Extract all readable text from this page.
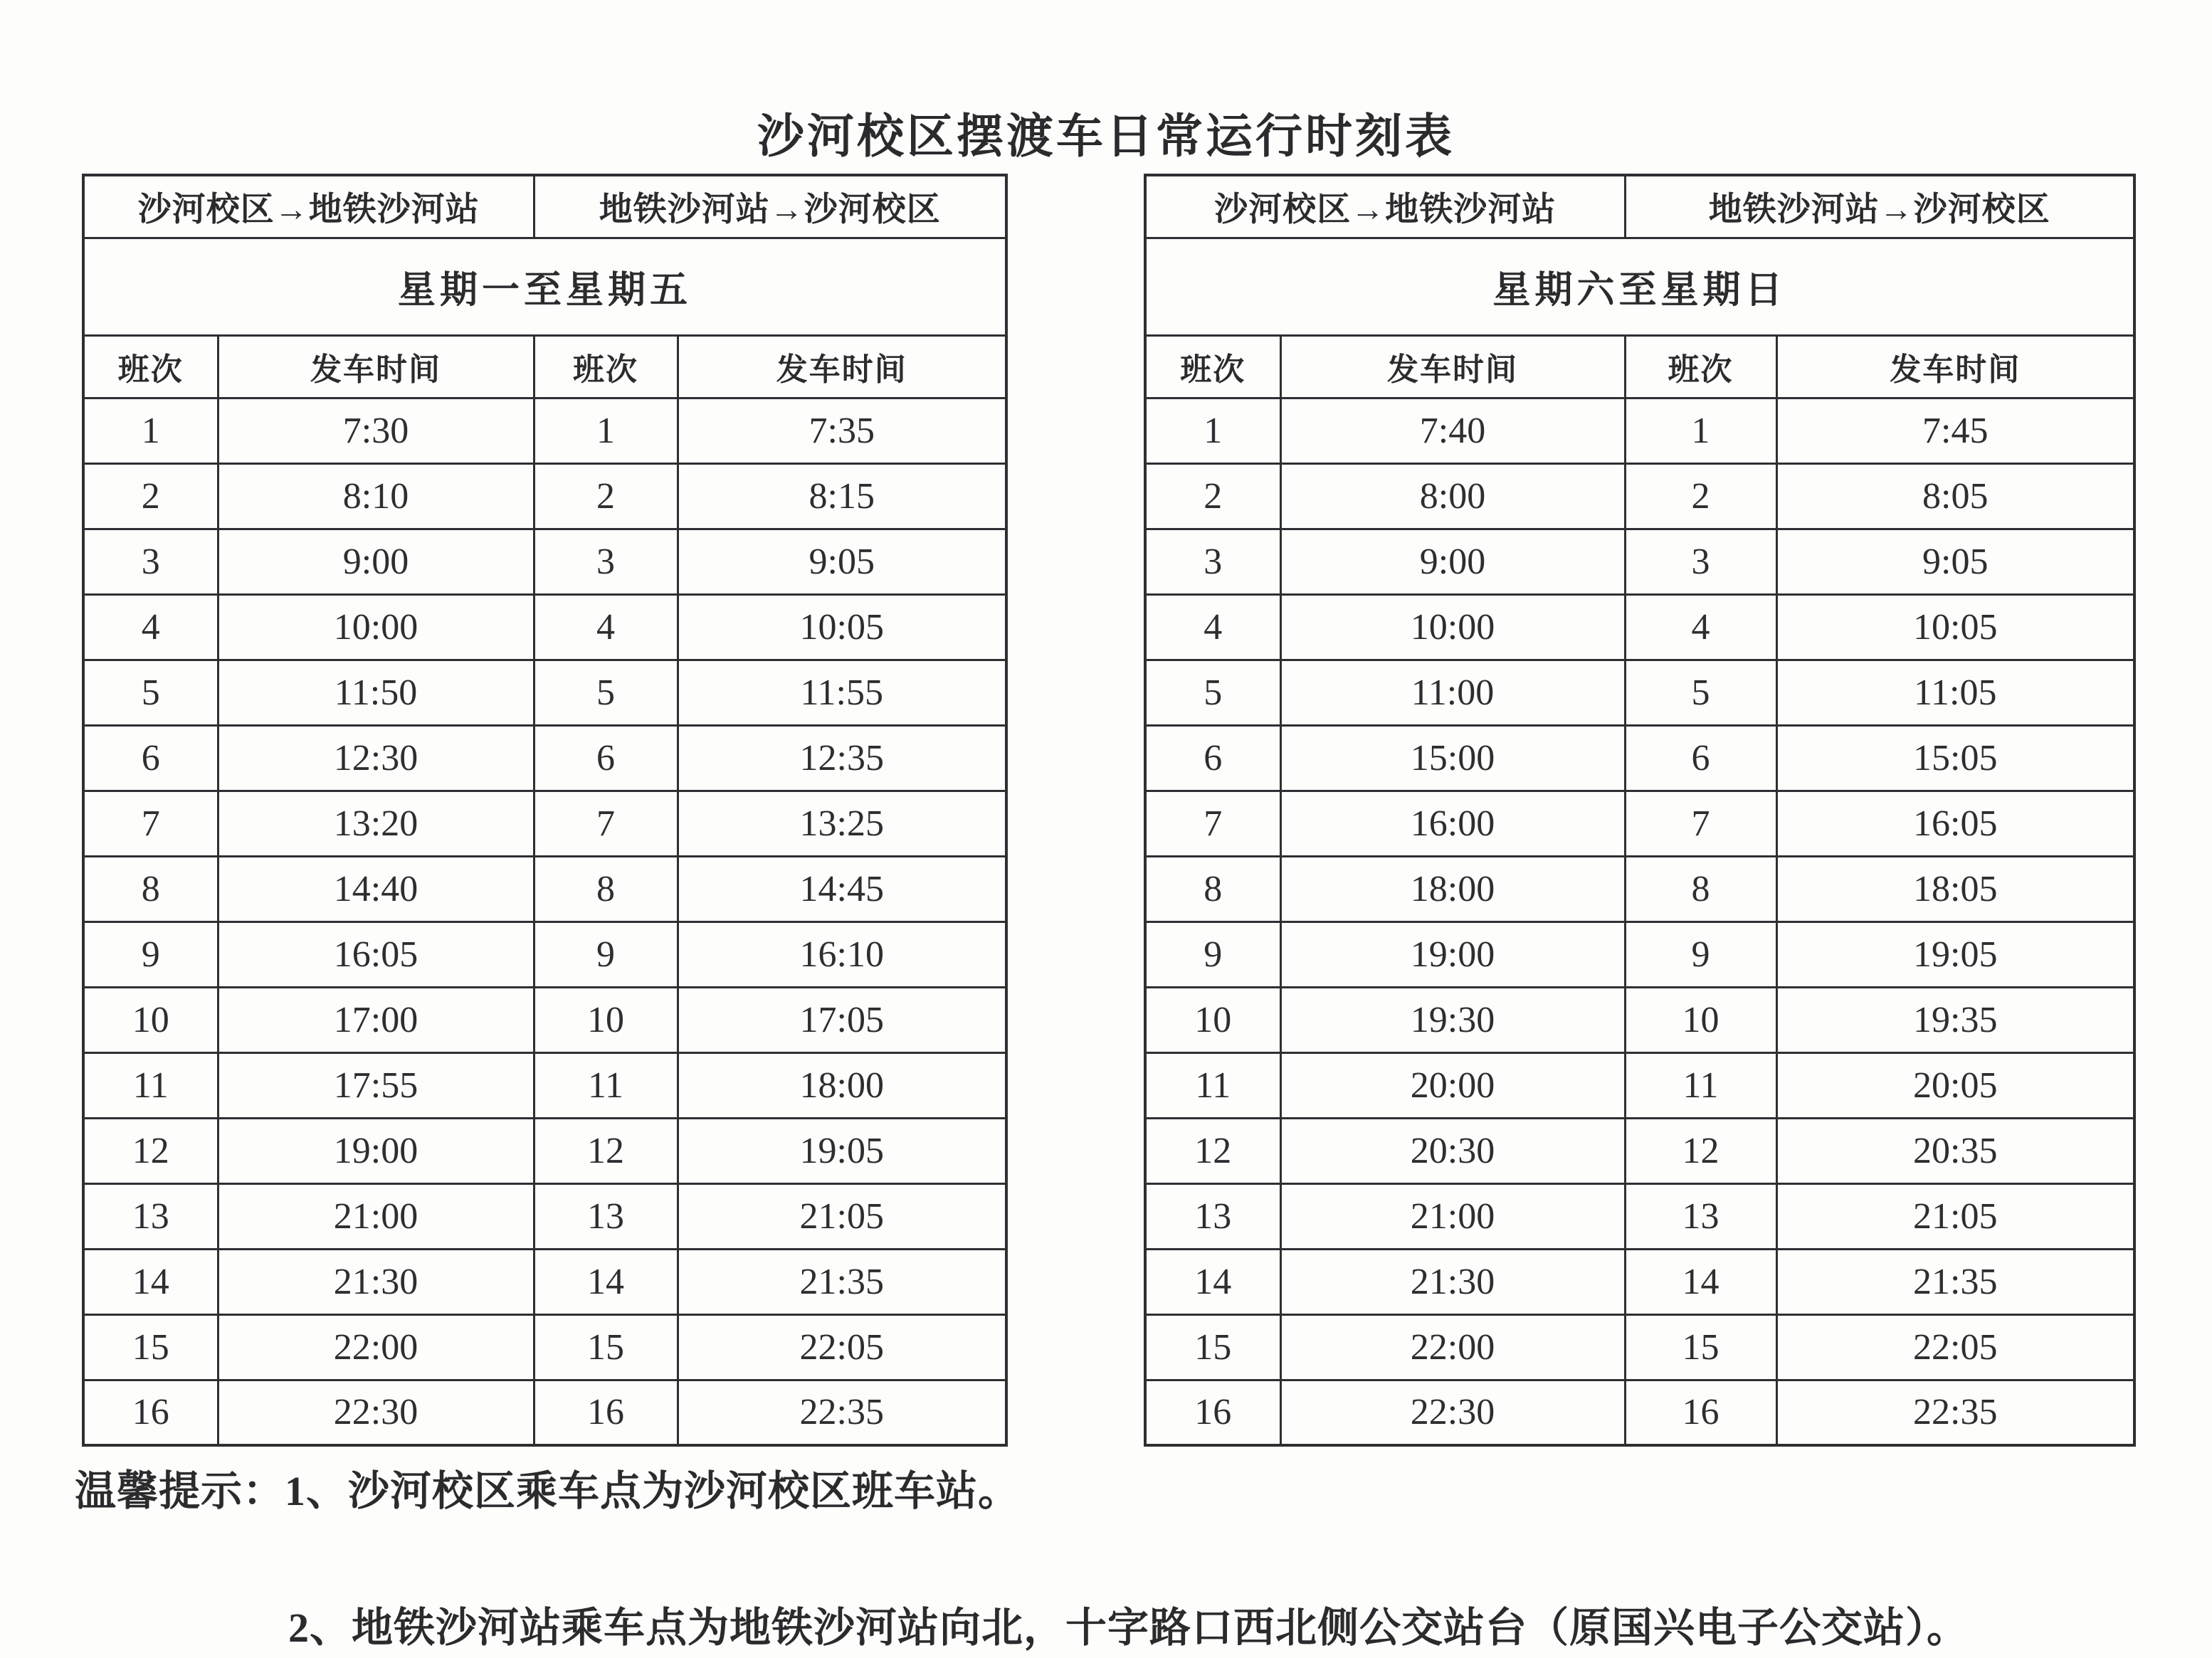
沙河校区摆渡车日常运行时刻表
沙河校区→地铁沙河站		地铁沙河站→沙河校区	
星期一至星期五			
班次	发车时间	班次	发车时间
1	7:30	1	7:35
2	8:10	2	8:15
3	9:00	3	9:05
4	10:00	4	10:05
5	11:50	5	11:55
6	12:30	6	12:35
7	13:20	7	13:25
8	14:40	8	14:45
9	16:05	9	16:10
10	17:00	10	17:05
11	17:55	11	18:00
12	19:00	12	19:05
13	21:00	13	21:05
14	21:30	14	21:35
15	22:00	15	22:05
16	22:30	16	22:35
沙河校区→地铁沙河站		地铁沙河站→沙河校区	
星期六至星期日			
班次	发车时间	班次	发车时间
1	7:40	1	7:45
2	8:00	2	8:05
3	9:00	3	9:05
4	10:00	4	10:05
5	11:00	5	11:05
6	15:00	6	15:05
7	16:00	7	16:05
8	18:00	8	18:05
9	19:00	9	19:05
10	19:30	10	19:35
11	20:00	11	20:05
12	20:30	12	20:35
13	21:00	13	21:05
14	21:30	14	21:35
15	22:00	15	22:05
16	22:30	16	22:35
温馨提示：1、沙河校区乘车点为沙河校区班车站。
2、地铁沙河站乘车点为地铁沙河站向北，十字路口西北侧公交站台（原国兴电子公交站）。
